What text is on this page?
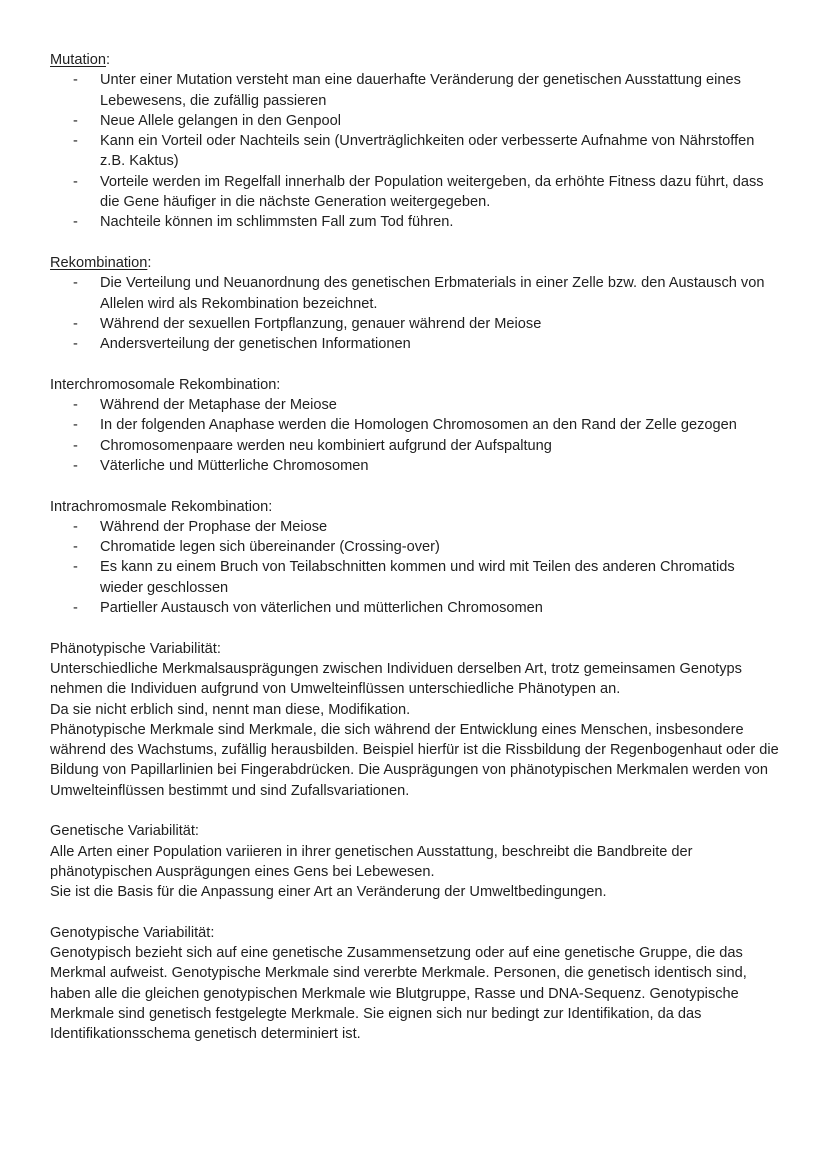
Mutation:

- Unter einer Mutation versteht man eine dauerhafte Veränderung der genetischen Ausstattung eines Lebewesens, die zufällig passieren
- Neue Allele gelangen in den Genpool
- Kann ein Vorteil oder Nachteils sein (Unverträglichkeiten oder verbesserte Aufnahme von Nährstoffen z.B. Kaktus)
- Vorteile werden im Regelfall innerhalb der Population weitergeben, da erhöhte Fitness dazu führt, dass die Gene häufiger in die nächste Generation weitergegeben.
- Nachteile können im schlimmsten Fall zum Tod führen.

Rekombination:

- Die Verteilung und Neuanordnung des genetischen Erbmaterials in einer Zelle bzw. den Austausch von Allelen wird als Rekombination bezeichnet.
- Während der sexuellen Fortpflanzung, genauer während der Meiose
- Andersverteilung der genetischen Informationen

Interchromosomale Rekombination:

- Während der Metaphase der Meiose
- In der folgenden Anaphase werden die Homologen Chromosomen an den Rand der Zelle gezogen
- Chromosomenpaare werden neu kombiniert aufgrund der Aufspaltung
- Väterliche und Mütterliche Chromosomen

Intrachromosmale Rekombination:

- Während der Prophase der Meiose
- Chromatide legen sich übereinander (Crossing-over)
- Es kann zu einem Bruch von Teilabschnitten kommen und wird mit Teilen des anderen Chromatids wieder geschlossen
- Partieller Austausch von väterlichen und mütterlichen Chromosomen

Phänotypische Variabilität:

Unterschiedliche Merkmalsausprägungen zwischen Individuen derselben Art, trotz gemeinsamen Genotyps nehmen die Individuen aufgrund von Umwelteinflüssen unterschiedliche Phänotypen an.

Da sie nicht erblich sind, nennt man diese, Modifikation.

Phänotypische Merkmale sind Merkmale, die sich während der Entwicklung eines Menschen, insbesondere während des Wachstums, zufällig herausbilden. Beispiel hierfür ist die Rissbildung der Regenbogenhaut oder die Bildung von Papillarlinien bei Fingerabdrücken. Die Ausprägungen von phänotypischen Merkmalen werden von Umwelteinflüssen bestimmt und sind Zufallsvariationen.

Genetische Variabilität:

Alle Arten einer Population variieren in ihrer genetischen Ausstattung, beschreibt die Bandbreite der phänotypischen Ausprägungen eines Gens bei Lebewesen.

Sie ist die Basis für die Anpassung einer Art an Veränderung der Umweltbedingungen.

Genotypische Variabilität:

Genotypisch bezieht sich auf eine genetische Zusammensetzung oder auf eine genetische Gruppe, die das Merkmal aufweist. Genotypische Merkmale sind vererbte Merkmale. Personen, die genetisch identisch sind, haben alle die gleichen genotypischen Merkmale wie Blutgruppe, Rasse und DNA-Sequenz. Genotypische Merkmale sind genetisch festgelegte Merkmale. Sie eignen sich nur bedingt zur Identifikation, da das Identifikationsschema genetisch determiniert ist.
